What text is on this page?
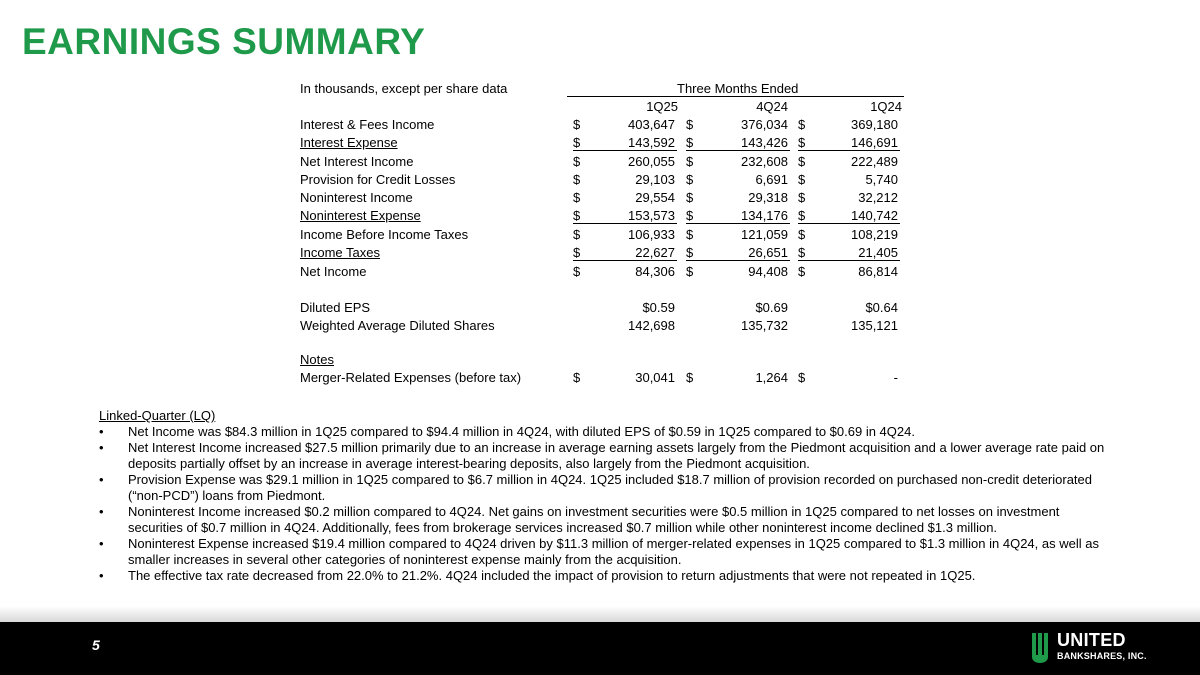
EARNINGS SUMMARY
In thousands, except per share data	Three Months Ended
1Q25	4Q24	1Q24
Interest & Fees Income	$	403,647 $	376,034 $	369,180
Interest Expense	$	143,592 $	143,426 $	146,691
Net Interest Income	$	260,055 $	232,608 $	222,489
Provision for Credit Losses	$	29,103 $	6,691 $	5,740
Noninterest Income	$	29,554 $	29,318 $	32,212
Noninterest Expense	$	153,573 $	134,176 $	140,742
Income Before Income Taxes	$	106,933 $	121,059 $	108,219
Income Taxes	$	22,627 $	26,651 $	21,405
Net Income	$	84,306 $	94,408 $	86,814
Diluted EPS	$0.59	$0.69	$0.64
Weighted Average Diluted Shares	142,698	135,732	135,121
Notes
Merger-Related Expenses (before tax)	$	30,041 $	1,264 $	-
Linked-Quarter (LQ)
• Net Income was $84.3 million in 1Q25 compared to $94.4 million in 4Q24, with diluted EPS of $0.59 in 1Q25 compared to $0.69 in 4Q24.
• Net Interest Income increased $27.5 million primarily due to an increase in average earning assets largely from the Piedmont acquisition and a lower average rate paid on deposits partially offset by an increase in average interest-bearing deposits, also largely from the Piedmont acquisition.
• Provision Expense was $29.1 million in 1Q25 compared to $6.7 million in 4Q24. 1Q25 included $18.7 million of provision recorded on purchased non-credit deteriorated (“non-PCD”) loans from Piedmont.
• Noninterest Income increased $0.2 million compared to 4Q24. Net gains on investment securities were $0.5 million in 1Q25 compared to net losses on investment securities of $0.7 million in 4Q24. Additionally, fees from brokerage services increased $0.7 million while other noninterest income declined $1.3 million.
• Noninterest Expense increased $19.4 million compared to 4Q24 driven by $11.3 million of merger-related expenses in 1Q25 compared to $1.3 million in 4Q24, as well as smaller increases in several other categories of noninterest expense mainly from the acquisition.
• The effective tax rate decreased from 22.0% to 21.2%. 4Q24 included the impact of provision to return adjustments that were not repeated in 1Q25.
5	UNITED
BANKSHARES, INC.
